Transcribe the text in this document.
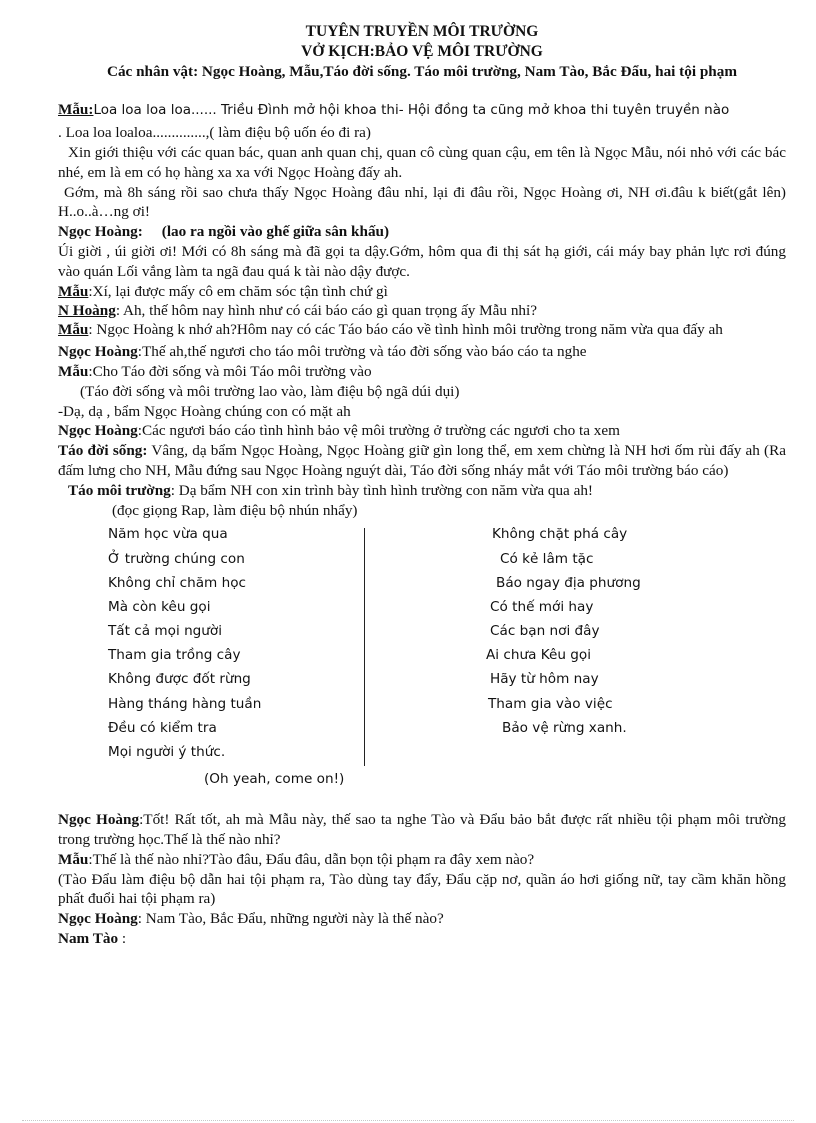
TUYÊN TRUYỀN MÔI TRƯỜNG

VỞ KỊCH:BẢO VỆ MÔI TRƯỜNG

Các nhân vật: Ngọc Hoàng, Mẫu,Táo đời sống. Táo môi trường, Nam Tào, Bắc Đẩu, hai tội phạm

Mẫu:Loa loa loa loa...... Triều Đình mở hội khoa thi- Hội đồng ta cũng mở khoa thi tuyên truyền nào

. Loa loa loaloa..............,( làm điệu bộ uốn éo đi ra)

Xin giới thiệu với các quan bác, quan anh quan chị, quan cô cùng quan cậu, em tên là Ngọc Mẫu, nói nhỏ với các bác nhé, em là em có họ hàng xa xa với Ngọc Hoàng đấy ah.

Gớm, mà 8h sáng rồi sao chưa thấy Ngọc Hoàng đâu nhỉ, lại đi đâu rồi, Ngọc Hoàng ơi, NH ơi.đâu k biết(gắt lên) H..o..à…ng ơi!

Ngọc Hoàng: (lao ra ngồi vào ghế giữa sân khấu)

Úi giời , úi giời ơi! Mới có 8h sáng mà đã gọi ta dậy.Gớm, hôm qua đi thị sát hạ giới, cái máy bay phản lực rơi đúng vào quán Lối vắng làm ta ngã đau quá k tài nào dậy được.

Mẫu:Xí, lại được mấy cô em chăm sóc tận tình chứ gì

N Hoàng: Ah, thế hôm nay hình như có cái báo cáo gì quan trọng ấy Mẫu nhỉ?

Mẫu: Ngọc Hoàng k nhớ ah?Hôm nay có các Táo báo cáo về tình hình môi trường trong năm vừa qua đấy ah

Ngọc Hoàng:Thế ah,thế ngươi cho táo môi trường và táo đời sống vào báo cáo ta nghe

Mẫu:Cho Táo đời sống và môi Táo môi trường vào

(Táo đời sống và môi trường lao vào, làm điệu bộ ngã dúi dụi)

-Dạ, dạ , bẩm Ngọc Hoàng chúng con có mặt ah

Ngọc Hoàng:Các ngươi báo cáo tình hình bảo vệ môi trường ở trường các ngươi cho ta xem

Táo đời sống: Vâng, dạ bẩm Ngọc Hoàng, Ngọc Hoàng giữ gìn long thể, em xem chừng là NH hơi ốm rùi đấy ah (Ra đấm lưng cho NH, Mẫu đứng sau Ngọc Hoàng nguýt dài, Táo đời sống nháy mắt với Táo môi trường báo cáo)

Táo môi trường: Dạ bẩm NH con xin trình bày tình hình trường con năm vừa qua ah!

(đọc giọng Rap, làm điệu bộ nhún nhẩy)

Năm học vừa qua
Ở trường chúng con
Không chỉ chăm học
Mà còn kêu gọi
Tất cả mọi người
Tham gia trồng cây
Không được đốt rừng
Hàng tháng hàng tuần
Đều có kiểm tra
Mọi người ý thức.
Không chặt phá cây
Có kẻ lâm tặc
Báo ngay địa phương
Có thế mới hay
Các bạn nơi đây
Ai chưa Kêu gọi
Hãy từ hôm nay
Tham gia vào việc
Bảo vệ rừng xanh.

(Oh yeah, come on!)

Ngọc Hoàng:Tốt! Rất tốt, ah mà Mẫu này, thế sao ta nghe Tào và Đẩu bảo bắt được rất nhiều tội phạm môi trường trong trường học.Thế là thế nào nhỉ?

Mẫu:Thế là thế nào nhỉ?Tào đâu, Đẩu đâu, dẫn bọn tội phạm ra đây xem nào?

(Tào Đẩu làm điệu bộ dẫn hai tội phạm ra, Tào dùng tay đẩy, Đẩu cặp nơ, quần áo hơi giống nữ, tay cầm khăn hồng phất đuổi hai tội phạm ra)

Ngọc Hoàng: Nam Tào, Bắc Đẩu, những người này là thế nào?

Nam Tào :
